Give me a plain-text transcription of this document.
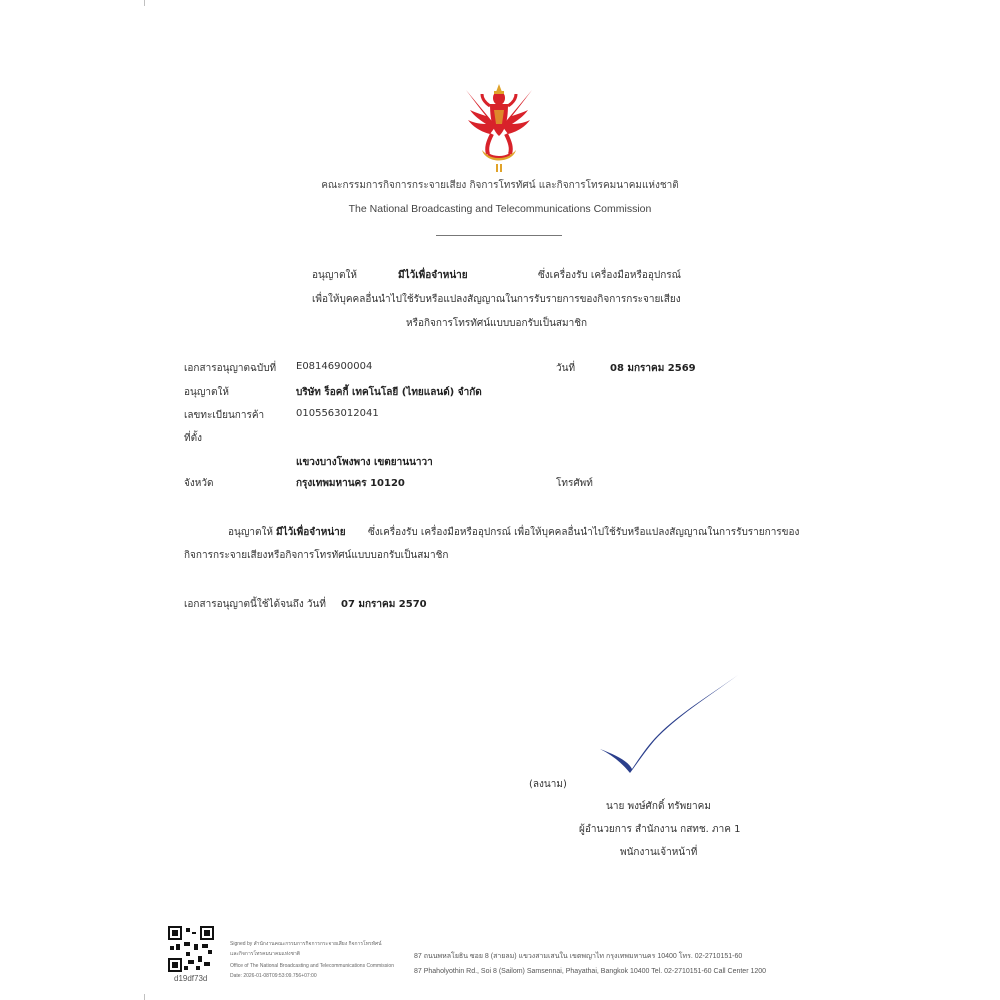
คณะกรรมการกิจการกระจายเสียง กิจการโทรทัศน์ และกิจการโทรคมนาคมแห่งชาติ
The National Broadcasting and Telecommunications Commission
อนุญาตให้	มีไว้เพื่อจำหน่าย	ซึ่งเครื่องรับ เครื่องมือหรืออุปกรณ์
เพื่อให้บุคคลอื่นนำไปใช้รับหรือแปลงสัญญาณในการรับรายการของกิจการกระจายเสียง
หรือกิจการโทรทัศน์แบบบอกรับเป็นสมาชิก
เอกสารอนุญาตฉบับที่ E08146900004	วันที่	08 มกราคม 2569
อนุญาตให้	บริษัท ร็อคกี้ เทคโนโลยี (ไทยแลนด์) จำกัด
เลขทะเบียนการค้า	0105563012041
ที่ตั้ง
แขวงบางโพงพาง เขตยานนาวา
จังหวัด	กรุงเทพมหานคร 10120	โทรศัพท์
อนุญาตให้ มีไว้เพื่อจำหน่าย ซึ่งเครื่องรับ เครื่องมือหรืออุปกรณ์ เพื่อให้บุคคลอื่นนำไปใช้รับหรือแปลงสัญญาณในการรับรายการของ
กิจการกระจายเสียงหรือกิจการโทรทัศน์แบบบอกรับเป็นสมาชิก
เอกสารอนุญาตนี้ใช้ได้จนถึง วันที่ 07 มกราคม 2570
(ลงนาม)
นาย พงษ์ศักดิ์ ทรัพยาคม
ผู้อำนวยการ สำนักงาน กสทช. ภาค 1
พนักงานเจ้าหน้าที่
d19df73d
Signed by สำนักงานคณะกรรมการกิจการกระจายเสียง กิจการโทรทัศน์
และกิจการโทรคมนาคมแห่งชาติ
Office of The National Broadcasting and Telecommunications Commission
Date: 2026-01-08T09:53:09.756+07:00
87 ถนนพหลโยธิน ซอย 8 (สายลม) แขวงสามเสนใน เขตพญาไท กรุงเทพมหานคร 10400 โทร. 02-2710151-60
87 Phaholyothin Rd., Soi 8 (Sailom) Samsennai, Phayathai, Bangkok 10400 Tel. 02-2710151-60 Call Center 1200
